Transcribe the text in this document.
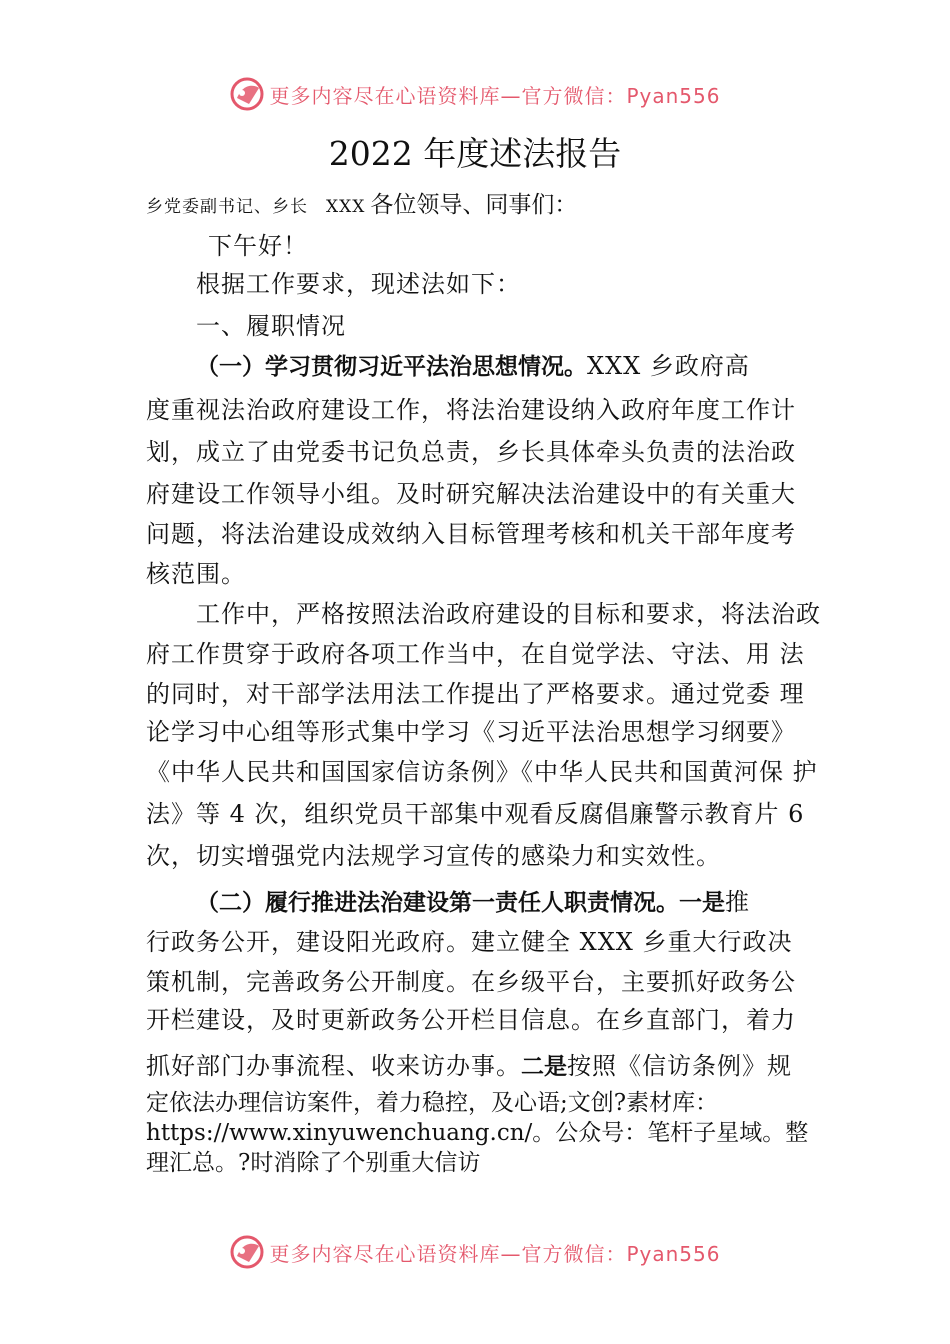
更多内容尽在心语资料库—官方微信：Pyan556
2022 年度述法报告
乡党委副书记、乡长　XXX 各位领导、同事们：
下午好！
根据工作要求，现述法如下：
一、履职情况
（一）学习贯彻习近平法治思想情况。XXX 乡政府高
度重视法治政府建设工作，将法治建设纳入政府年度工作计
划，成立了由党委书记负总责，乡长具体牵头负责的法治政
府建设工作领导小组。及时研究解决法治建设中的有关重大
问题，将法治建设成效纳入目标管理考核和机关干部年度考
核范围。
工作中，严格按照法治政府建设的目标和要求，将法治政
府工作贯穿于政府各项工作当中，在自觉学法、守法、用 法
的同时，对干部学法用法工作提出了严格要求。通过党委 理
论学习中心组等形式集中学习《习近平法治思想学习纲要》
《中华人民共和国国家信访条例》《中华人民共和国黄河保 护
法》等 4 次，组织党员干部集中观看反腐倡廉警示教育片 6
次，切实增强党内法规学习宣传的感染力和实效性。
（二）履行推进法治建设第一责任人职责情况。一是推
行政务公开，建设阳光政府。建立健全 XXX 乡重大行政决
策机制，完善政务公开制度。在乡级平台，主要抓好政务公
开栏建设，及时更新政务公开栏目信息。在乡直部门，着力
抓好部门办事流程、收来访办事。二是按照《信访条例》规
定依法办理信访案件，着力稳控，及心语;文创?素材库：
https://www.xinyuwenchuang.cn/。公众号：笔杆子星域。整
理汇总。?时消除了个别重大信访
更多内容尽在心语资料库—官方微信：Pyan556
